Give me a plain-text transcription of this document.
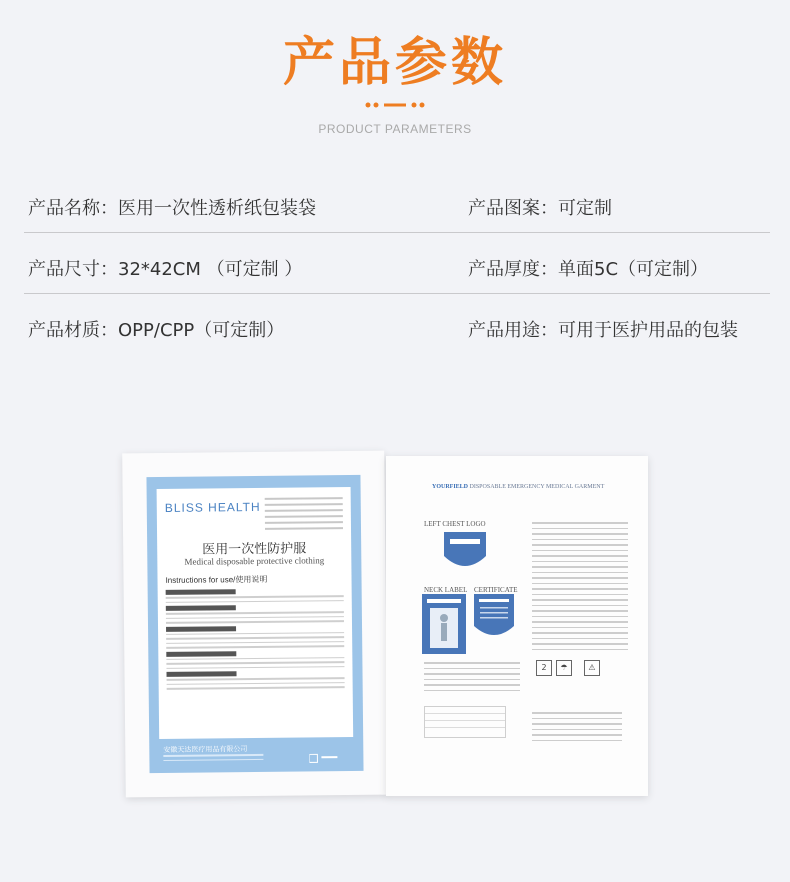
产品参数
PRODUCT PARAMETERS
产品名称：医用一次性透析纸包装袋	产品图案：可定制
产品尺寸：32*42CM （可定制 ）	产品厚度：单面5C（可定制）
产品材质：OPP/CPP（可定制）	产品用途：可用于医护用品的包装
BLISS HEALTH
医用一次性防护服
Medical disposable protective clothing
Instructions for use/使用说明
安徽天达医疗用品有限公司
YOURFIELD DISPOSABLE EMERGENCY MEDICAL GARMENT
LEFT CHEST LOGO
NECK LABEL CERTIFICATE
2	☂	⚠
